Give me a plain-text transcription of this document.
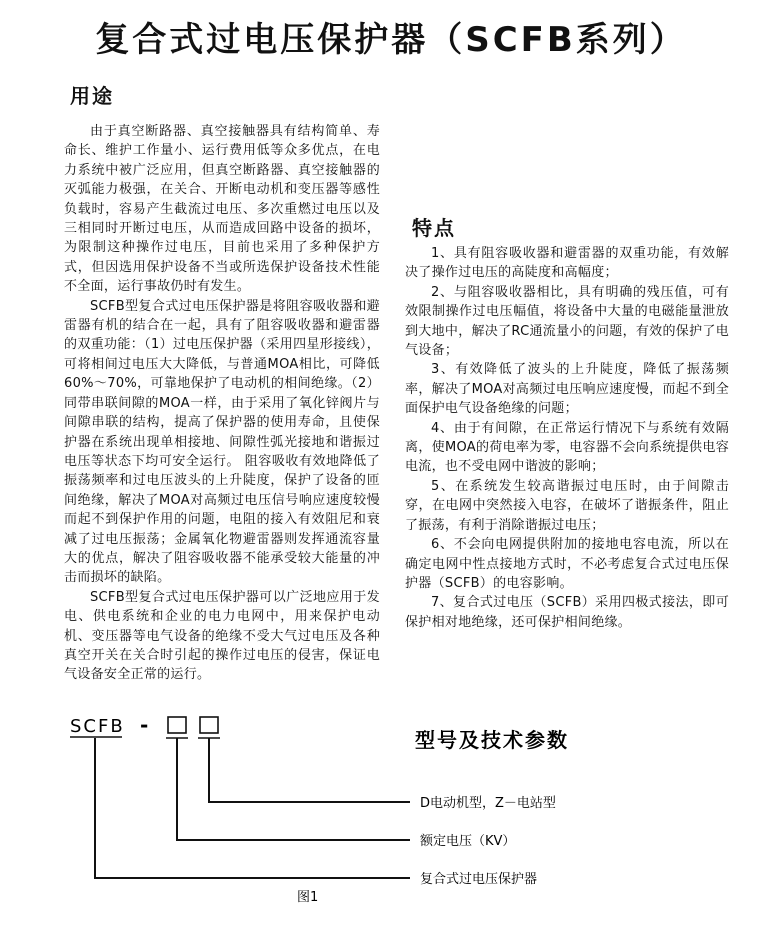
复合式过电压保护器（SCFB系列）
用途

由于真空断路器、真空接触器具有结构简单、寿命长、维护工作量小、运行费用低等众多优点，在电力系统中被广泛应用，但真空断路器、真空接触器的灭弧能力极强，在关合、开断电动机和变压器等感性负载时，容易产生截流过电压、多次重燃过电压以及三相同时开断过电压，从而造成回路中设备的损坏，为限制这种操作过电压，目前也采用了多种保护方式，但因选用保护设备不当或所选保护设备技术性能不全面，运行事故仍时有发生。

SCFB型复合式过电压保护器是将阻容吸收器和避雷器有机的结合在一起，具有了阻容吸收器和避雷器的双重功能：（1）过电压保护器（采用四星形接线），可将相间过电压大大降低，与普通MOA相比，可降低60%～70%，可靠地保护了电动机的相间绝缘。（2）同带串联间隙的MOA一样，由于采用了氧化锌阀片与间隙串联的结构，提高了保护器的使用寿命，且使保护器在系统出现单相接地、间隙性弧光接地和谐振过电压等状态下均可安全运行。 阻容吸收有效地降低了振荡频率和过电压波头的上升陡度，保护了设备的匝间绝缘，解决了MOA对高频过电压信号响应速度较慢而起不到保护作用的问题，电阻的接入有效阻尼和衰减了过电压振荡；金属氧化物避雷器则发挥通流容量大的优点，解决了阻容吸收器不能承受较大能量的冲击而损坏的缺陷。

SCFB型复合式过电压保护器可以广泛地应用于发电、供电系统和企业的电力电网中，用来保护电动机、变压器等电气设备的绝缘不受大气过电压及各种真空开关在关合时引起的操作过电压的侵害，保证电气设备安全正常的运行。

特点

1、具有阻容吸收器和避雷器的双重功能，有效解决了操作过电压的高陡度和高幅度；

2、与阻容吸收器相比，具有明确的残压值，可有效限制操作过电压幅值，将设备中大量的电磁能量泄放到大地中，解决了RC通流量小的问题，有效的保护了电气设备；

3、有效降低了波头的上升陡度，降低了振荡频率，解决了MOA对高频过电压响应速度慢，而起不到全面保护电气设备绝缘的问题；

4、由于有间隙，在正常运行情况下与系统有效隔离，使MOA的荷电率为零，电容器不会向系统提供电容电流，也不受电网中谐波的影响；

5、在系统发生较高谐振过电压时，由于间隙击穿，在电网中突然接入电容，在破坏了谐振条件，阻止了振荡，有利于消除谐振过电压；

6、不会向电网提供附加的接地电容电流，所以在确定电网中性点接地方式时，不必考虑复合式过电压保护器（SCFB）的电容影响。

7、复合式过电压（SCFB）采用四极式接法，即可保护相对地绝缘，还可保护相间绝缘。

SCFB -
D电动机型，Z－电站型
额定电压（KV）
复合式过电压保护器
型号及技术参数
图1
